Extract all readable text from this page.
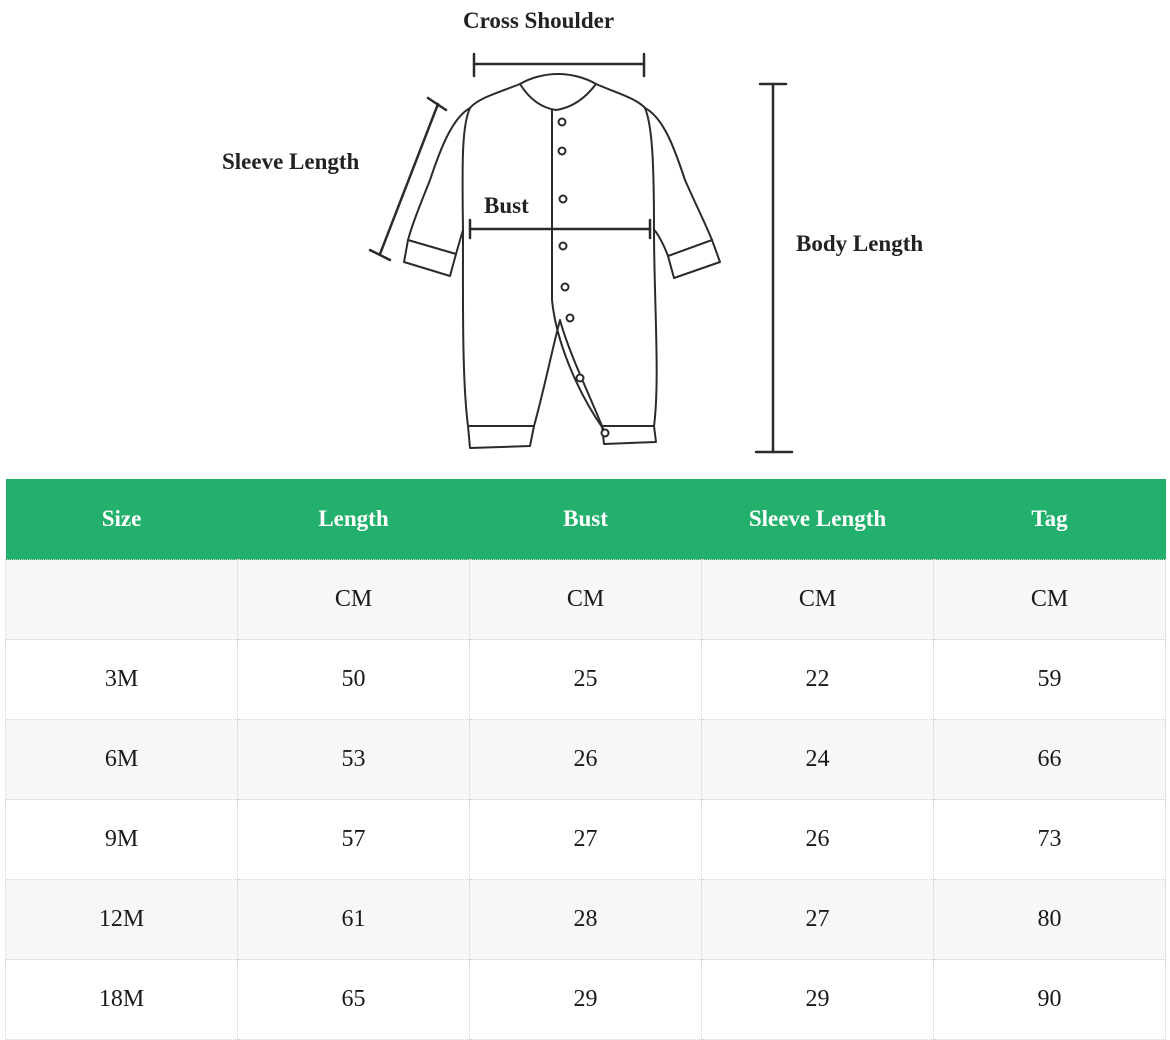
Cross Shoulder
Sleeve Length
Bust
Body Length
Size	Length	Bust	Sleeve Length	Tag
	CM	CM	CM	CM
3M	50	25	22	59
6M	53	26	24	66
9M	57	27	26	73
12M	61	28	27	80
18M	65	29	29	90
